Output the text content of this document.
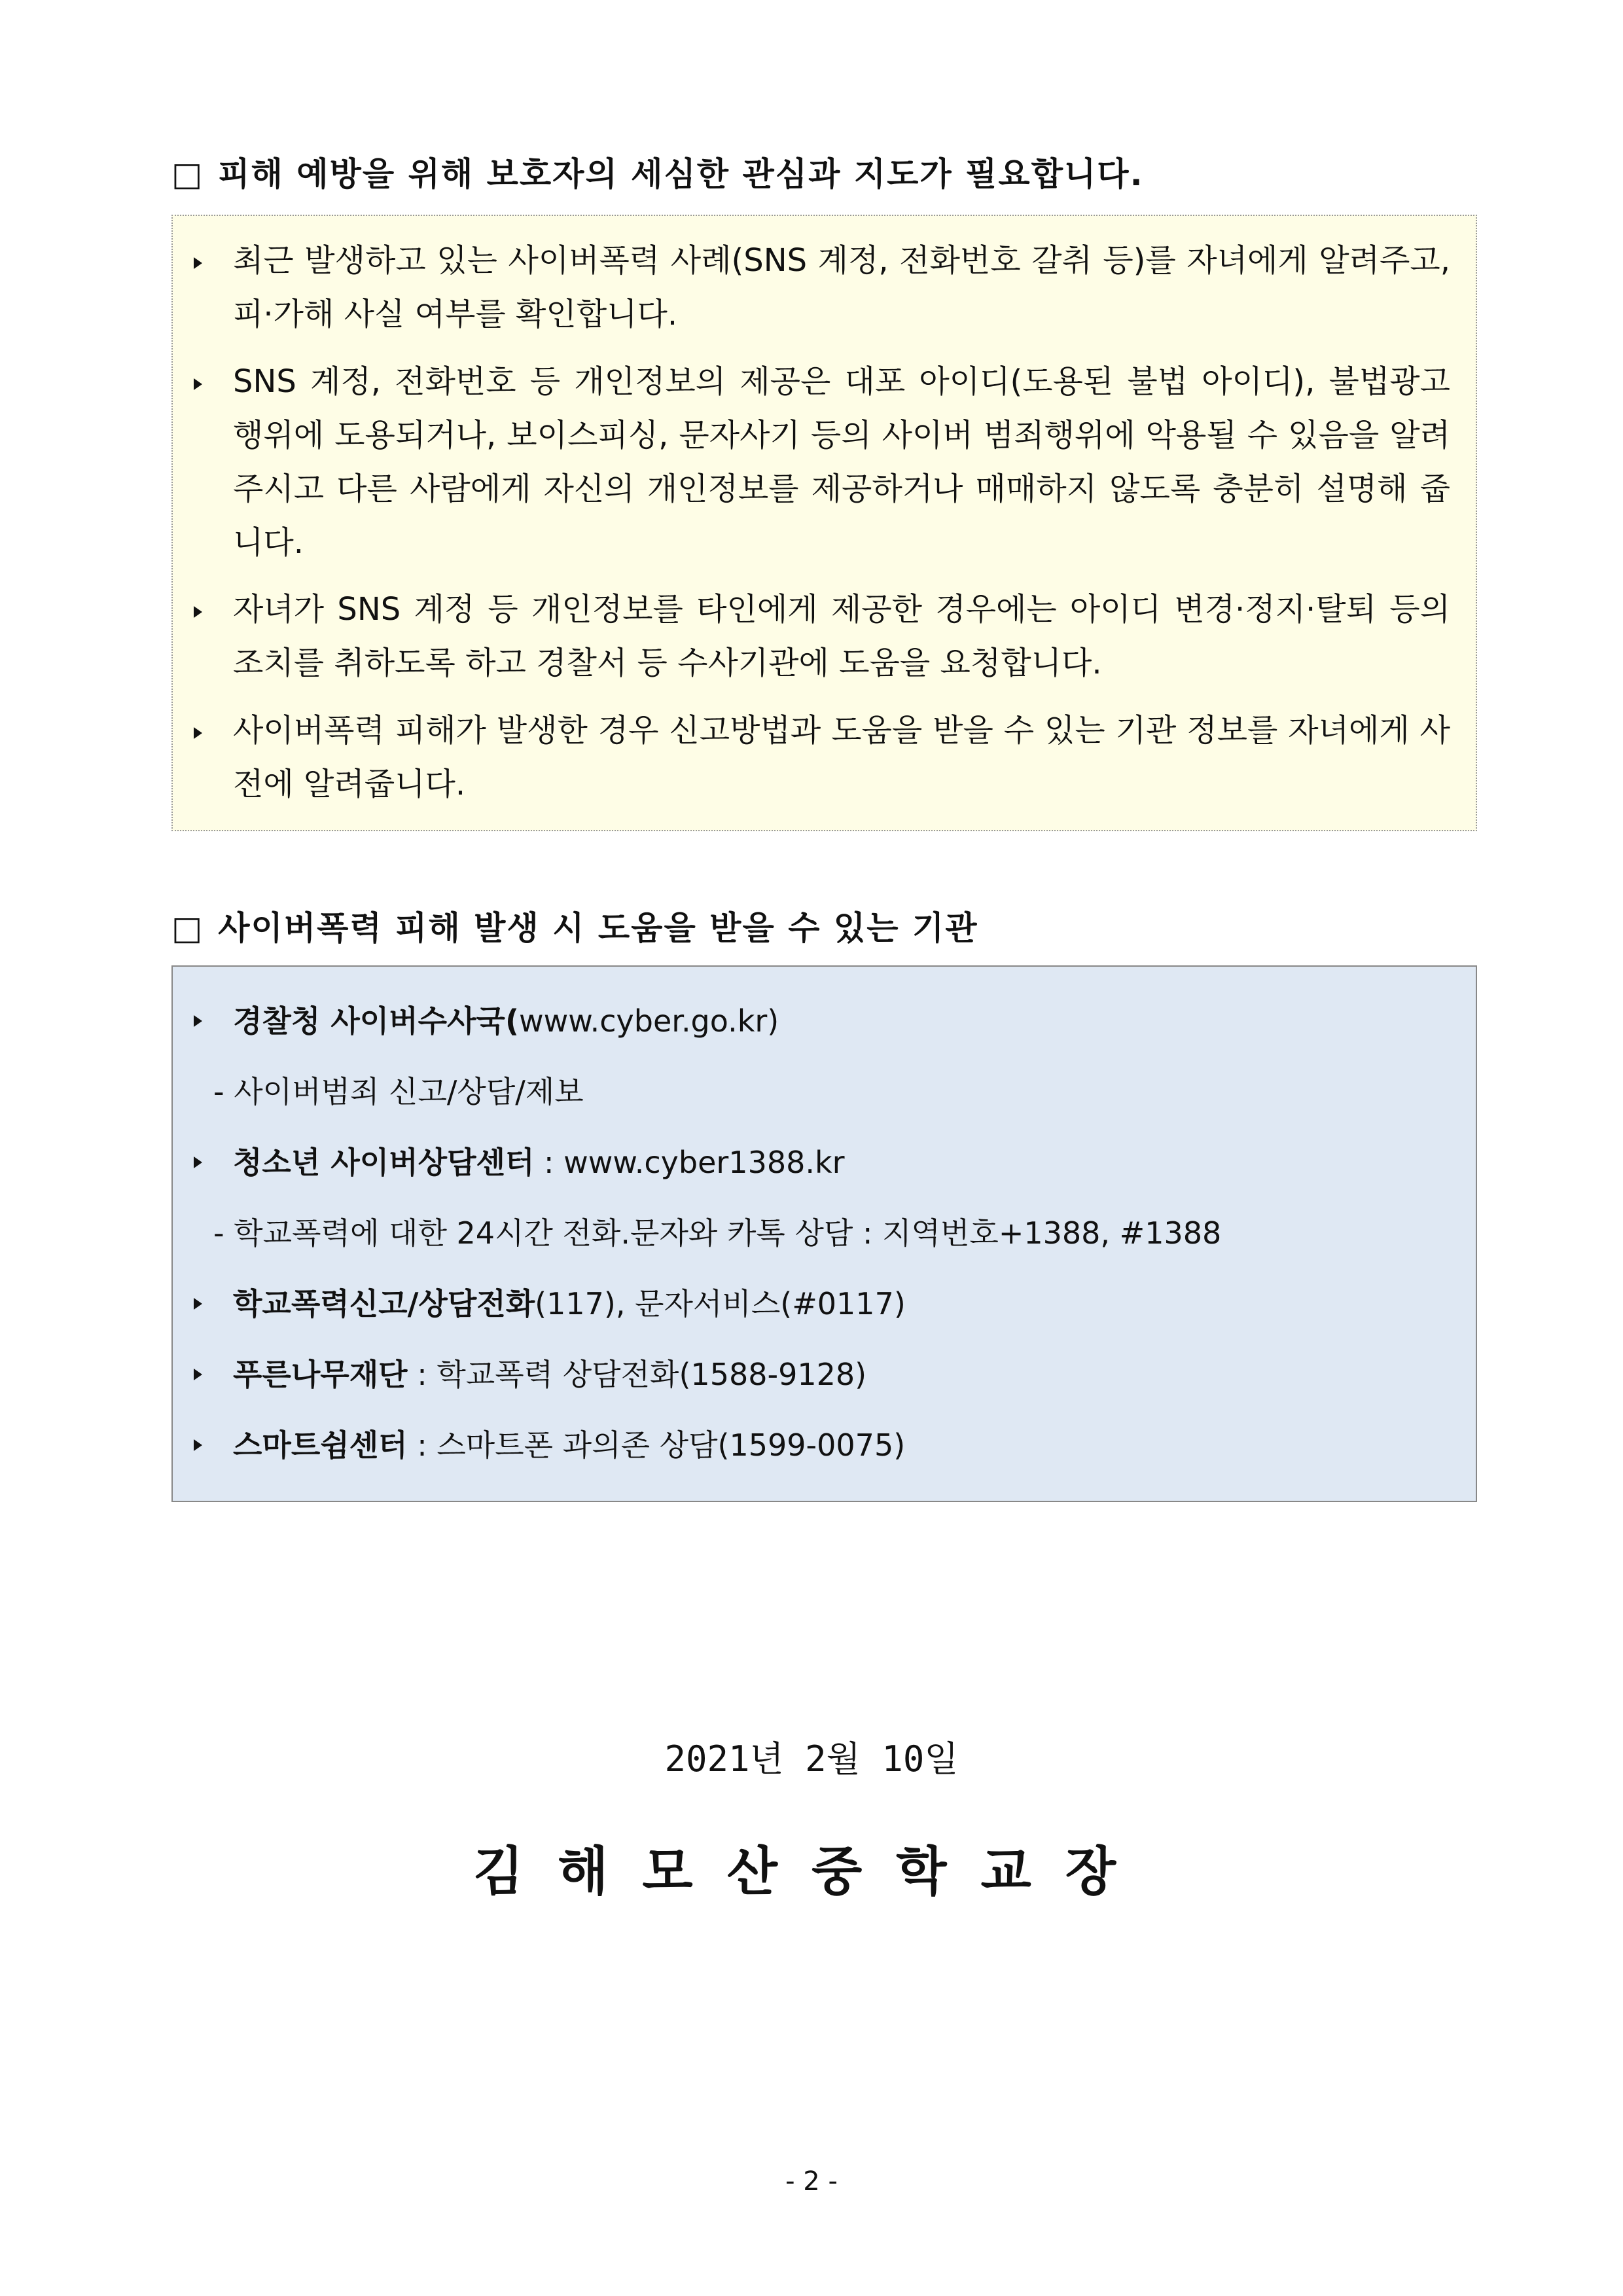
□ 피해 예방을 위해 보호자의 세심한 관심과 지도가 필요합니다.
최근 발생하고 있는 사이버폭력 사례(SNS 계정, 전화번호 갈취 등)를 자녀에게 알려주고, 피·가해 사실 여부를 확인합니다.
SNS 계정, 전화번호 등 개인정보의 제공은 대포 아이디(도용된 불법 아이디), 불법광고 행위에 도용되거나, 보이스피싱, 문자사기 등의 사이버 범죄행위에 악용될 수 있음을 알려주시고 다른 사람에게 자신의 개인정보를 제공하거나 매매하지 않도록 충분히 설명해 줍니다.
자녀가 SNS 계정 등 개인정보를 타인에게 제공한 경우에는 아이디 변경·정지·탈퇴 등의 조치를 취하도록 하고 경찰서 등 수사기관에 도움을 요청합니다.
사이버폭력 피해가 발생한 경우 신고방법과 도움을 받을 수 있는 기관 정보를 자녀에게 사전에 알려줍니다.
□ 사이버폭력 피해 발생 시 도움을 받을 수 있는 기관
경찰청 사이버수사국(www.cyber.go.kr)
- 사이버범죄 신고/상담/제보
청소년 사이버상담센터 : www.cyber1388.kr
- 학교폭력에 대한 24시간 전화.문자와 카톡 상담 : 지역번호+1388, #1388
학교폭력신고/상담전화(117), 문자서비스(#0117)
푸른나무재단 : 학교폭력 상담전화(1588-9128)
스마트쉼센터 : 스마트폰 과의존 상담(1599-0075)
2021년 2월 10일
김해모산중학교장
- 2 -
